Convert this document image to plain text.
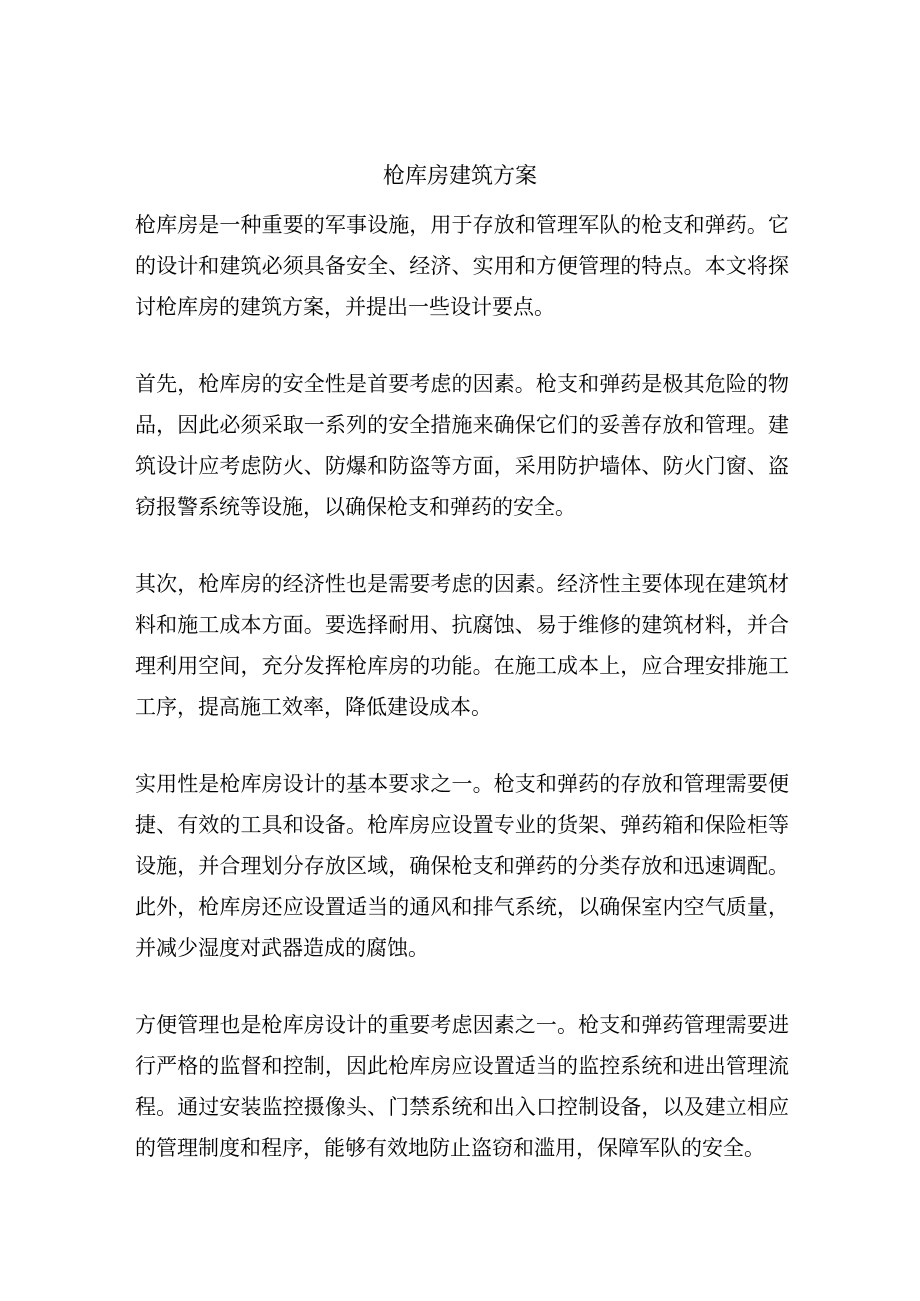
枪库房建筑方案

枪库房是一种重要的军事设施，用于存放和管理军队的枪支和弹药。它的设计和建筑必须具备安全、经济、实用和方便管理的特点。本文将探讨枪库房的建筑方案，并提出一些设计要点。

首先，枪库房的安全性是首要考虑的因素。枪支和弹药是极其危险的物品，因此必须采取一系列的安全措施来确保它们的妥善存放和管理。建筑设计应考虑防火、防爆和防盗等方面，采用防护墙体、防火门窗、盗窃报警系统等设施，以确保枪支和弹药的安全。

其次，枪库房的经济性也是需要考虑的因素。经济性主要体现在建筑材料和施工成本方面。要选择耐用、抗腐蚀、易于维修的建筑材料，并合理利用空间，充分发挥枪库房的功能。在施工成本上，应合理安排施工工序，提高施工效率，降低建设成本。

实用性是枪库房设计的基本要求之一。枪支和弹药的存放和管理需要便捷、有效的工具和设备。枪库房应设置专业的货架、弹药箱和保险柜等设施，并合理划分存放区域，确保枪支和弹药的分类存放和迅速调配。此外，枪库房还应设置适当的通风和排气系统，以确保室内空气质量，并减少湿度对武器造成的腐蚀。

方便管理也是枪库房设计的重要考虑因素之一。枪支和弹药管理需要进行严格的监督和控制，因此枪库房应设置适当的监控系统和进出管理流程。通过安装监控摄像头、门禁系统和出入口控制设备，以及建立相应的管理制度和程序，能够有效地防止盗窃和滥用，保障军队的安全。
